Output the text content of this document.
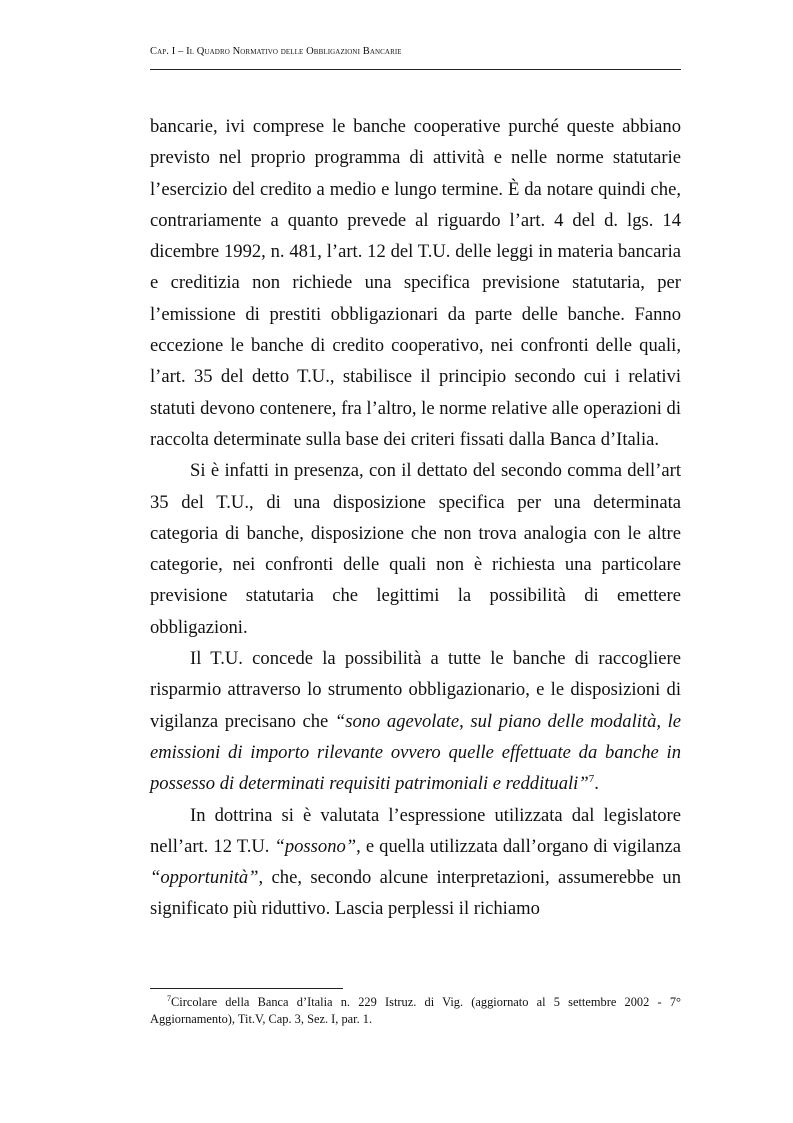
Cap. I – Il Quadro Normativo delle Obbligazioni Bancarie

bancarie, ivi comprese le banche cooperative purché queste abbiano previsto nel proprio programma di attività e nelle norme statutarie l’esercizio del credito a medio e lungo termine. È da notare quindi che, contrariamente a quanto prevede al riguardo l’art. 4 del d. lgs. 14 dicembre 1992, n. 481, l’art. 12 del T.U. delle leggi in materia bancaria e creditizia non richiede una specifica previsione statutaria, per l’emissione di prestiti obbligazionari da parte delle banche. Fanno eccezione le banche di credito cooperativo, nei confronti delle quali, l’art. 35 del detto T.U., stabilisce il principio secondo cui i relativi statuti devono contenere, fra l’altro, le norme relative alle operazioni di raccolta determinate sulla base dei criteri fissati dalla Banca d’Italia.

Si è infatti in presenza, con il dettato del secondo comma dell’art 35 del T.U., di una disposizione specifica per una determinata categoria di banche, disposizione che non trova analogia con le altre categorie, nei confronti delle quali non è richiesta una particolare previsione statutaria che legittimi la possibilità di emettere obbligazioni.

Il T.U. concede la possibilità a tutte le banche di raccogliere risparmio attraverso lo strumento obbligazionario, e le disposizioni di vigilanza precisano che “sono agevolate, sul piano delle modalità, le emissioni di importo rilevante ovvero quelle effettuate da banche in possesso di determinati requisiti patrimoniali e reddituali”$^7$.

In dottrina si è valutata l’espressione utilizzata dal legislatore nell’art. 12 T.U. “possono”, e quella utilizzata dall’organo di vigilanza “opportunità”, che, secondo alcune interpretazioni, assumerebbe un significato più riduttivo. Lascia perplessi il richiamo

$^7$Circolare della Banca d’Italia n. 229 Istruz. di Vig. (aggiornato al 5 settembre 2002 - 7° Aggiornamento), Tit.V, Cap. 3, Sez. I, par. 1.
